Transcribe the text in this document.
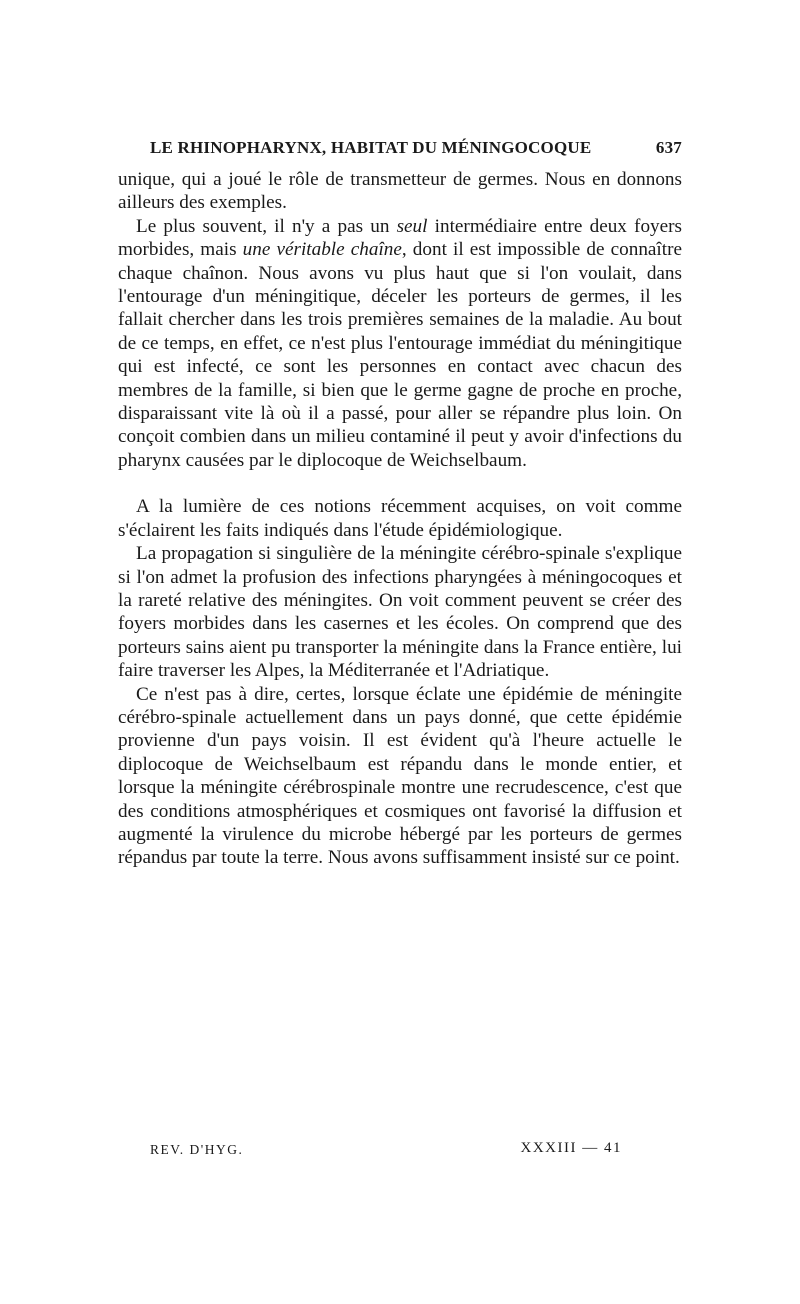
LE RHINOPHARYNX, HABITAT DU MÉNINGOCOQUE	637

unique, qui a joué le rôle de transmetteur de germes. Nous en donnons ailleurs des exemples.

Le plus souvent, il n'y a pas un seul intermédiaire entre deux foyers morbides, mais une véritable chaîne, dont il est impossible de connaître chaque chaînon. Nous avons vu plus haut que si l'on voulait, dans l'entourage d'un méningitique, déceler les porteurs de germes, il les fallait chercher dans les trois premières semaines de la maladie. Au bout de ce temps, en effet, ce n'est plus l'entourage immédiat du méningitique qui est infecté, ce sont les personnes en contact avec chacun des membres de la famille, si bien que le germe gagne de proche en proche, disparaissant vite là où il a passé, pour aller se répandre plus loin. On conçoit combien dans un milieu contaminé il peut y avoir d'infections du pharynx causées par le diplocoque de Weichselbaum.

A la lumière de ces notions récemment acquises, on voit comme s'éclairent les faits indiqués dans l'étude épidémiologique.

La propagation si singulière de la méningite cérébro-spinale s'explique si l'on admet la profusion des infections pharyngées à méningocoques et la rareté relative des méningites. On voit comment peuvent se créer des foyers morbides dans les casernes et les écoles. On comprend que des porteurs sains aient pu transporter la méningite dans la France entière, lui faire traverser les Alpes, la Méditerranée et l'Adriatique.

Ce n'est pas à dire, certes, lorsque éclate une épidémie de méningite cérébro-spinale actuellement dans un pays donné, que cette épidémie provienne d'un pays voisin. Il est évident qu'à l'heure actuelle le diplocoque de Weichselbaum est répandu dans le monde entier, et lorsque la méningite cérébrospinale montre une recrudescence, c'est que des conditions atmosphériques et cosmiques ont favorisé la diffusion et augmenté la virulence du microbe hébergé par les porteurs de germes répandus par toute la terre. Nous avons suffisamment insisté sur ce point.

REV. D'HYG.	XXXIII — 41
